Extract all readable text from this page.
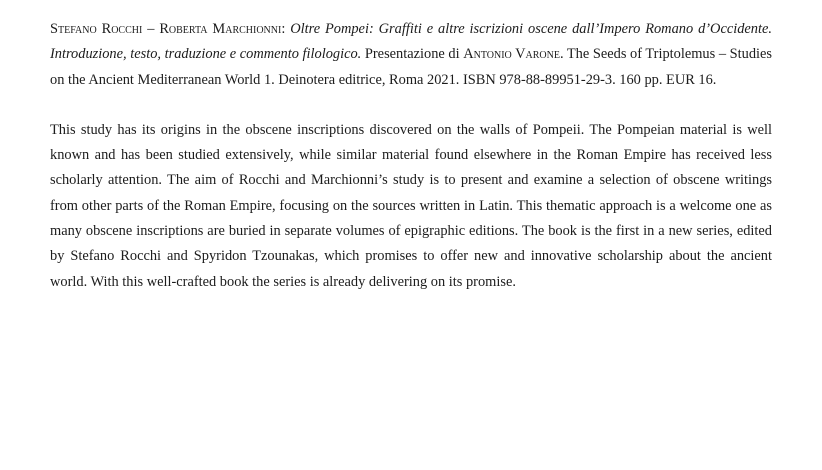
Stefano Rocchi – Roberta Marchionni: Oltre Pompei: Graffiti e altre iscrizioni oscene dall’Impero Romano d’Occidente. Introduzione, testo, traduzione e commento filologico. Presentazione di Antonio Varone. The Seeds of Triptolemus – Studies on the Ancient Mediterranean World 1. Deinotera editrice, Roma 2021. ISBN 978-88-89951-29-3. 160 pp. EUR 16.

This study has its origins in the obscene inscriptions discovered on the walls of Pompeii. The Pompeian material is well known and has been studied extensively, while similar material found elsewhere in the Roman Empire has received less scholarly attention. The aim of Rocchi and Marchionni’s study is to present and examine a selection of obscene writings from other parts of the Roman Empire, focusing on the sources written in Latin. This thematic approach is a welcome one as many obscene inscriptions are buried in separate volumes of epigraphic editions. The book is the first in a new series, edited by Stefano Rocchi and Spyridon Tzounakas, which promises to offer new and innovative scholarship about the ancient world. With this well-crafted book the series is already delivering on its promise.
